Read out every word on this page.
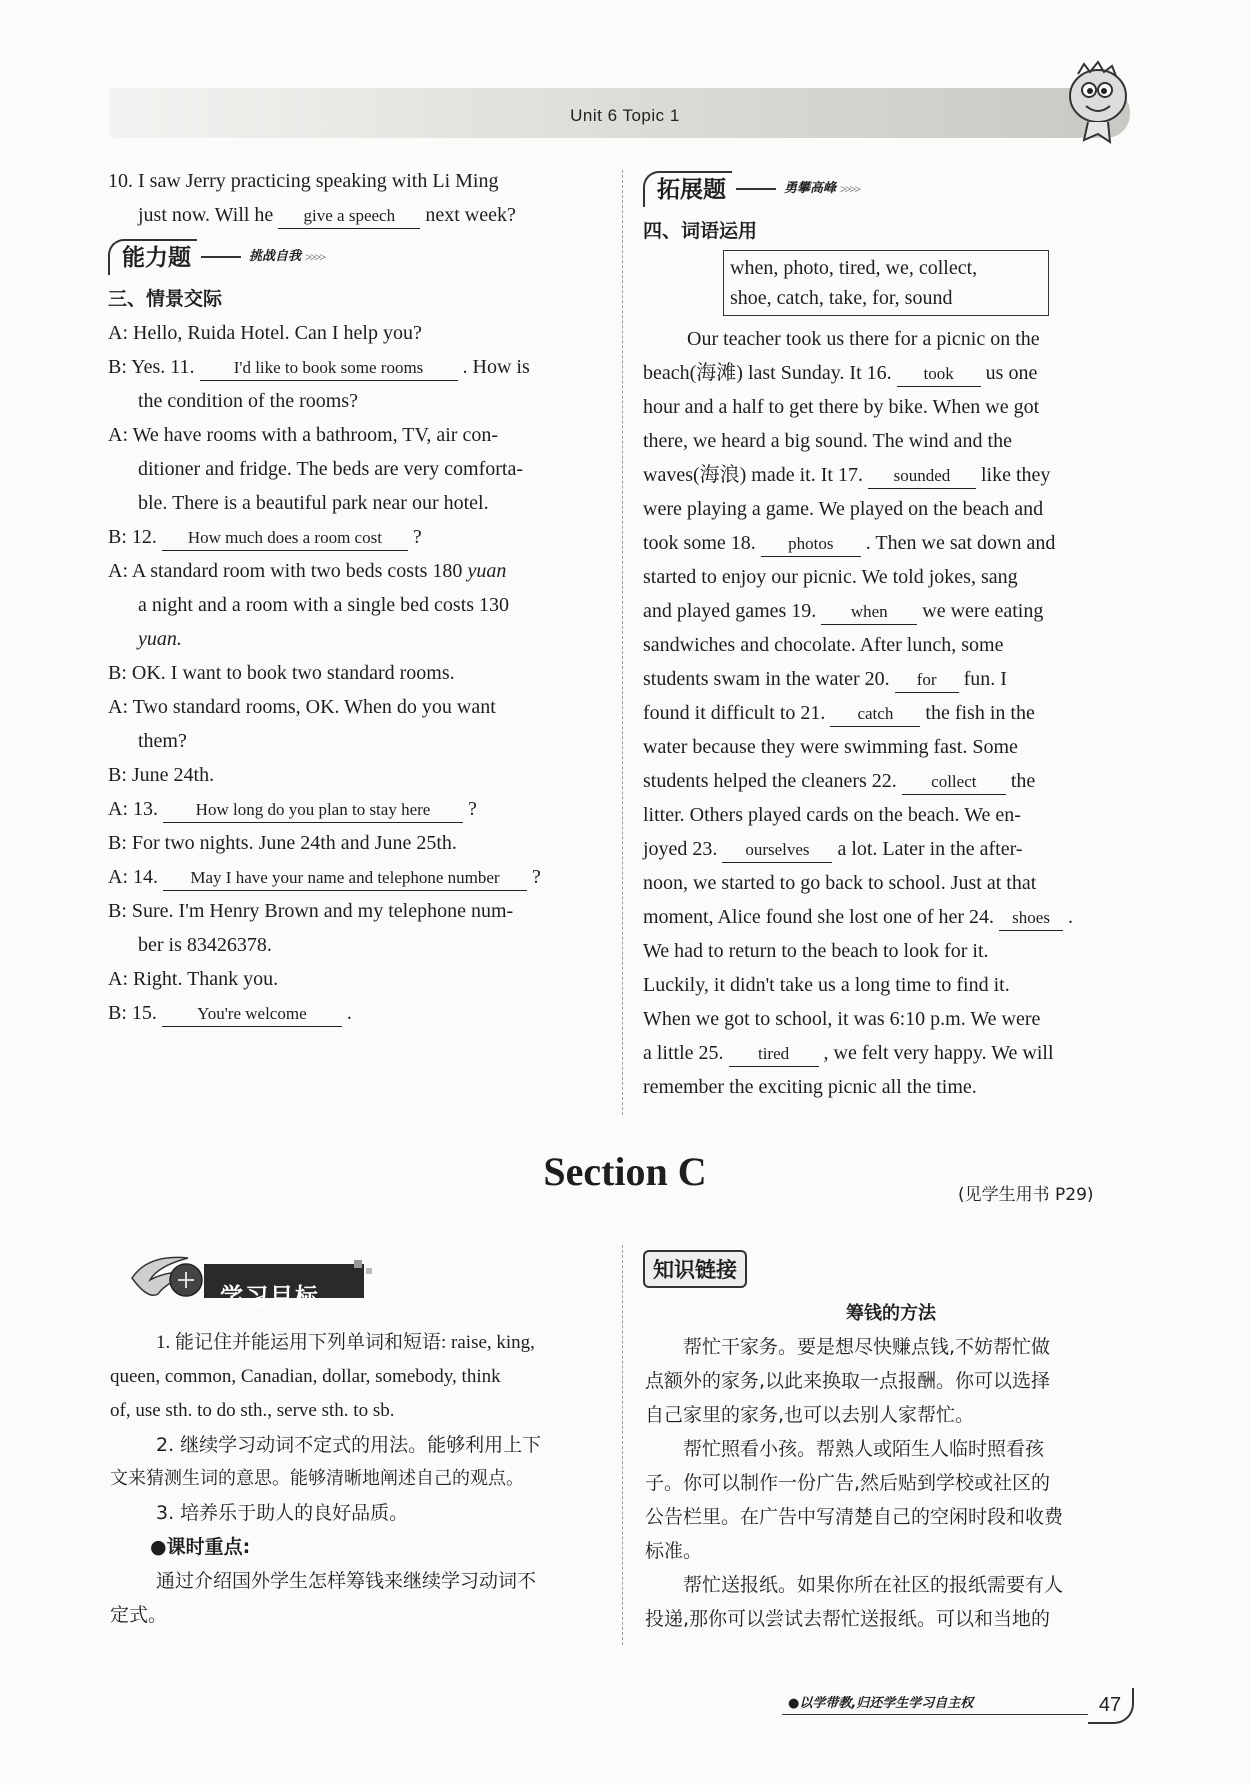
Unit 6 Topic 1
10. I saw Jerry practicing speaking with Li Ming
just now. Will he give a speech next week?
能力题	挑战自我 >>>>
三、情景交际
A: Hello, Ruida Hotel. Can I help you?
B: Yes. 11. I'd like to book some rooms . How is
the condition of the rooms?
A: We have rooms with a bathroom, TV, air con-
ditioner and fridge. The beds are very comforta-
ble. There is a beautiful park near our hotel.
B: 12. How much does a room cost ?
A: A standard room with two beds costs 180 yuan
a night and a room with a single bed costs 130
yuan.
B: OK. I want to book two standard rooms.
A: Two standard rooms, OK. When do you want
them?
B: June 24th.
A: 13. How long do you plan to stay here ?
B: For two nights. June 24th and June 25th.
A: 14. May I have your name and telephone number ?
B: Sure. I'm Henry Brown and my telephone num-
ber is 83426378.
A: Right. Thank you.
B: 15. You're welcome .
拓展题	勇攀高峰 >>>>
四、词语运用
when, photo, tired, we, collect,
shoe, catch, take, for, sound
Our teacher took us there for a picnic on the
beach(海滩) last Sunday. It 16. took us one
hour and a half to get there by bike. When we got
there, we heard a big sound. The wind and the
waves(海浪) made it. It 17. sounded like they
were playing a game. We played on the beach and
took some 18. photos . Then we sat down and
started to enjoy our picnic. We told jokes, sang
and played games 19. when we were eating
sandwiches and chocolate. After lunch, some
students swam in the water 20. for fun. I
found it difficult to 21. catch the fish in the
water because they were swimming fast. Some
students helped the cleaners 22. collect the
litter. Others played cards on the beach. We en-
joyed 23. ourselves a lot. Later in the after-
noon, we started to go back to school. Just at that
moment, Alice found she lost one of her 24. shoes .
We had to return to the beach to look for it.
Luckily, it didn't take us a long time to find it.
When we got to school, it was 6:10 p.m. We were
a little 25. tired , we felt very happy. We will
remember the exciting picnic all the time.
Section C
(见学生用书 P29)
学习目标
1. 能记住并能运用下列单词和短语: raise, king,
queen, common, Canadian, dollar, somebody, think
of, use sth. to do sth., serve sth. to sb.
2. 继续学习动词不定式的用法。能够利用上下
文来猜测生词的意思。能够清晰地阐述自己的观点。
3. 培养乐于助人的良好品质。
●课时重点:
通过介绍国外学生怎样筹钱来继续学习动词不
定式。
知识链接
筹钱的方法
帮忙干家务。要是想尽快赚点钱,不妨帮忙做
点额外的家务,以此来换取一点报酬。你可以选择
自己家里的家务,也可以去别人家帮忙。
帮忙照看小孩。帮熟人或陌生人临时照看孩
子。你可以制作一份广告,然后贴到学校或社区的
公告栏里。在广告中写清楚自己的空闲时段和收费
标准。
帮忙送报纸。如果你所在社区的报纸需要有人
投递,那你可以尝试去帮忙送报纸。可以和当地的
●以学带教,归还学生学习自主权	47
